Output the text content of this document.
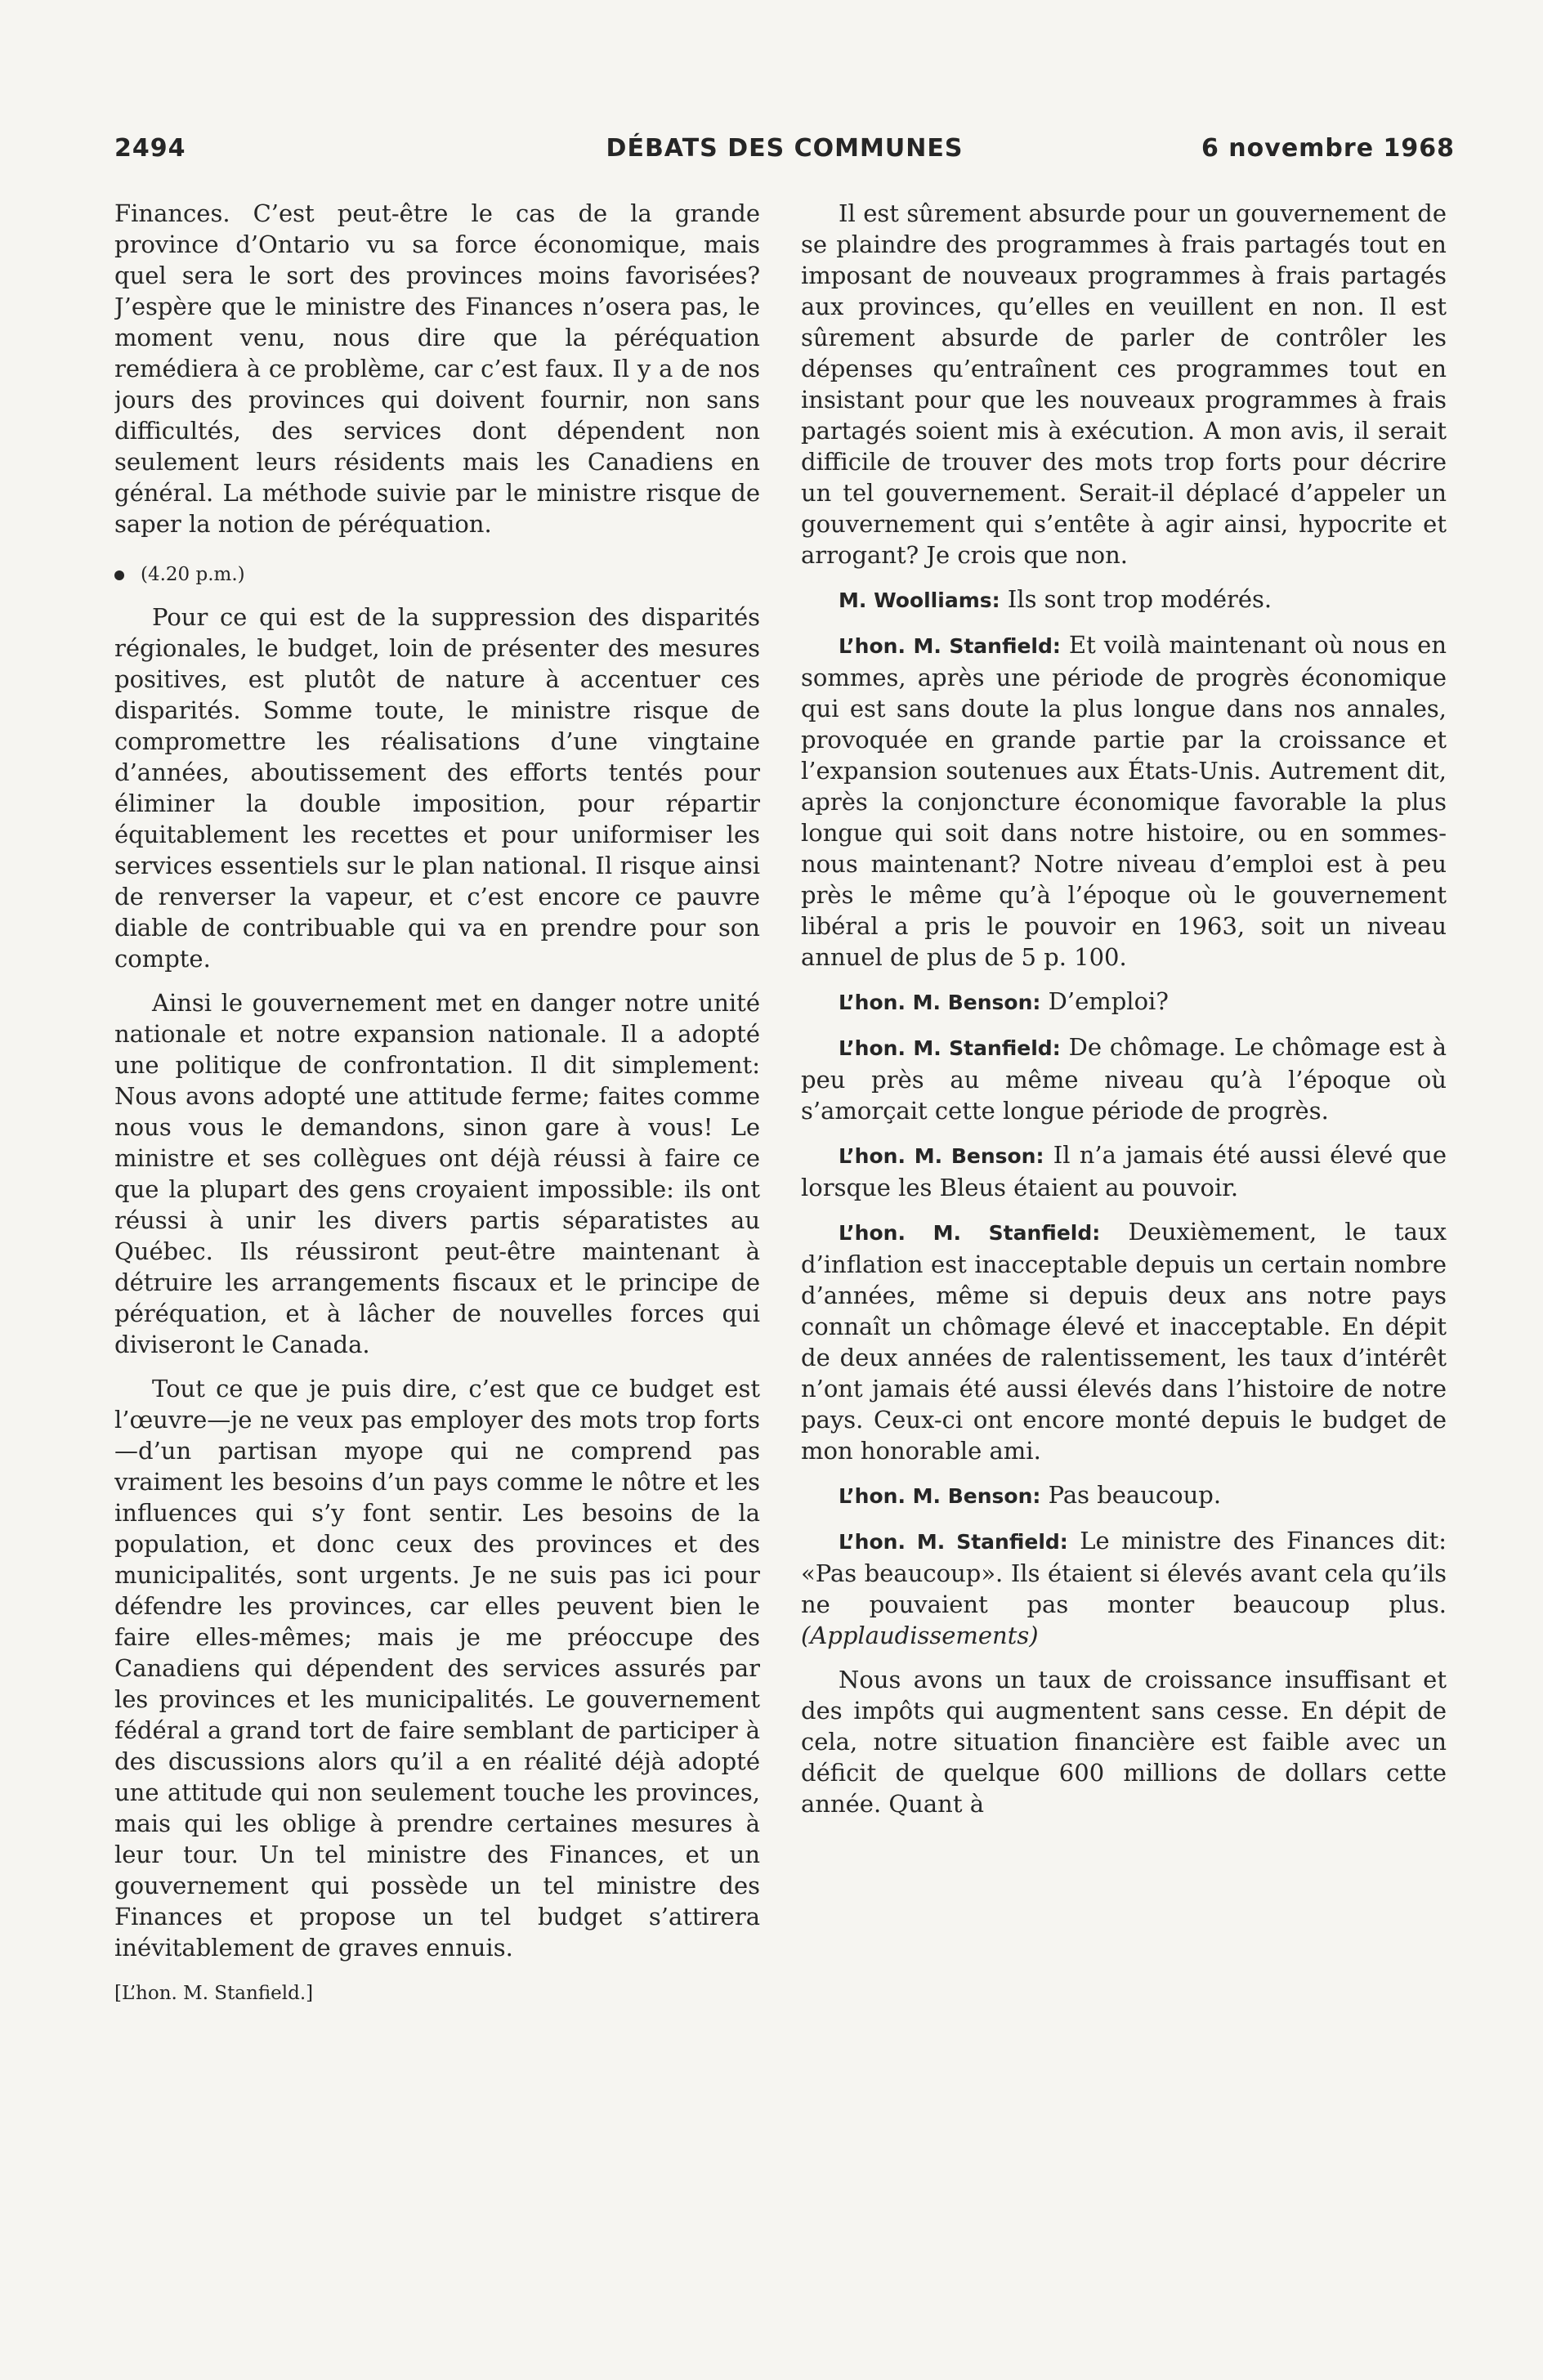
2494	DÉBATS DES COMMUNES	6 novembre 1968

Finances. C’est peut-être le cas de la grande province d’Ontario vu sa force économique, mais quel sera le sort des provinces moins favorisées? J’espère que le ministre des Finances n’osera pas, le moment venu, nous dire que la péréquation remédiera à ce problème, car c’est faux. Il y a de nos jours des provinces qui doivent fournir, non sans difficultés, des services dont dépendent non seulement leurs résidents mais les Canadiens en général. La méthode suivie par le ministre risque de saper la notion de péréquation.

(4.20 p.m.)

Pour ce qui est de la suppression des disparités régionales, le budget, loin de présenter des mesures positives, est plutôt de nature à accentuer ces disparités. Somme toute, le ministre risque de compromettre les réalisations d’une vingtaine d’années, aboutissement des efforts tentés pour éliminer la double imposition, pour répartir équitablement les recettes et pour uniformiser les services essentiels sur le plan national. Il risque ainsi de renverser la vapeur, et c’est encore ce pauvre diable de contribuable qui va en prendre pour son compte.

Ainsi le gouvernement met en danger notre unité nationale et notre expansion nationale. Il a adopté une politique de confrontation. Il dit simplement: Nous avons adopté une attitude ferme; faites comme nous vous le demandons, sinon gare à vous! Le ministre et ses collègues ont déjà réussi à faire ce que la plupart des gens croyaient impossible: ils ont réussi à unir les divers partis séparatistes au Québec. Ils réussiront peut-être maintenant à détruire les arrangements fiscaux et le principe de péréquation, et à lâcher de nouvelles forces qui diviseront le Canada.

Tout ce que je puis dire, c’est que ce budget est l’œuvre—je ne veux pas employer des mots trop forts—d’un partisan myope qui ne comprend pas vraiment les besoins d’un pays comme le nôtre et les influences qui s’y font sentir. Les besoins de la population, et donc ceux des provinces et des municipalités, sont urgents. Je ne suis pas ici pour défendre les provinces, car elles peuvent bien le faire elles-mêmes; mais je me préoccupe des Canadiens qui dépendent des services assurés par les provinces et les municipalités. Le gouvernement fédéral a grand tort de faire semblant de participer à des discussions alors qu’il a en réalité déjà adopté une attitude qui non seulement touche les provinces, mais qui les oblige à prendre certaines mesures à leur tour. Un tel ministre des Finances, et un gouvernement qui possède un tel ministre des Finances et propose un tel budget s’attirera inévitablement de graves ennuis.

[L’hon. M. Stanfield.]

Il est sûrement absurde pour un gouvernement de se plaindre des programmes à frais partagés tout en imposant de nouveaux programmes à frais partagés aux provinces, qu’elles en veuillent en non. Il est sûrement absurde de parler de contrôler les dépenses qu’entraînent ces programmes tout en insistant pour que les nouveaux programmes à frais partagés soient mis à exécution. A mon avis, il serait difficile de trouver des mots trop forts pour décrire un tel gouvernement. Serait-il déplacé d’appeler un gouvernement qui s’entête à agir ainsi, hypocrite et arrogant? Je crois que non.

M. Woolliams: Ils sont trop modérés.
L’hon. M. Stanfield: Et voilà maintenant où nous en sommes, après une période de progrès économique qui est sans doute la plus longue dans nos annales, provoquée en grande partie par la croissance et l’expansion soutenues aux États-Unis. Autrement dit, après la conjoncture économique favorable la plus longue qui soit dans notre histoire, ou en sommes-nous maintenant? Notre niveau d’emploi est à peu près le même qu’à l’époque où le gouvernement libéral a pris le pouvoir en 1963, soit un niveau annuel de plus de 5 p. 100.
L’hon. M. Benson: D’emploi?
L’hon. M. Stanfield: De chômage. Le chômage est à peu près au même niveau qu’à l’époque où s’amorçait cette longue période de progrès.
L’hon. M. Benson: Il n’a jamais été aussi élevé que lorsque les Bleus étaient au pouvoir.
L’hon. M. Stanfield: Deuxièmement, le taux d’inflation est inacceptable depuis un certain nombre d’années, même si depuis deux ans notre pays connaît un chômage élevé et inacceptable. En dépit de deux années de ralentissement, les taux d’intérêt n’ont jamais été aussi élevés dans l’histoire de notre pays. Ceux-ci ont encore monté depuis le budget de mon honorable ami.
L’hon. M. Benson: Pas beaucoup.
L’hon. M. Stanfield: Le ministre des Finances dit: «Pas beaucoup». Ils étaient si élevés avant cela qu’ils ne pouvaient pas monter beaucoup plus. (Applaudissements)

Nous avons un taux de croissance insuffisant et des impôts qui augmentent sans cesse. En dépit de cela, notre situation financière est faible avec un déficit de quelque 600 millions de dollars cette année. Quant à
